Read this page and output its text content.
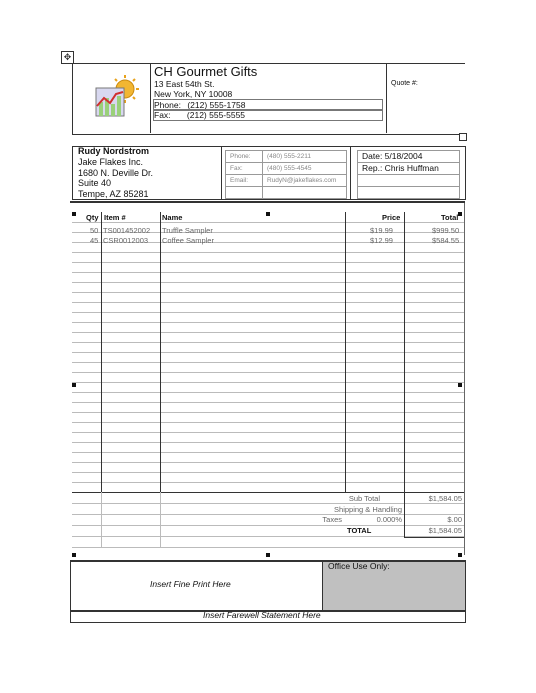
✥
CH Gourmet Gifts
13 East 54th St.
New York, NY 10008
Phone: (212) 555-1758
Fax: (212) 555-5555
Quote #:
Rudy Nordstrom
Jake Flakes Inc.
1680 N. Deville Dr.
Suite 40
Tempe, AZ 85281
Phone:	(480) 555-2211
Fax:	(480) 555-4545
Email:	RudyN@jakeflakes.com
Date: 5/18/2004
Rep.: Chris Huffman
Qty Item #	Name	Price	Total
50 TS001452002 Truffle Sampler	$19.99	$999.50
45 CSR0012003 Coffee Sampler	$12.99	$584.55
Sub Total	$1,584.05
Shipping & Handling
Taxes	0.000%	$.00
TOTAL	$1,584.05
Office Use Only:
Insert Fine Print Here
Insert Farewell Statement Here
